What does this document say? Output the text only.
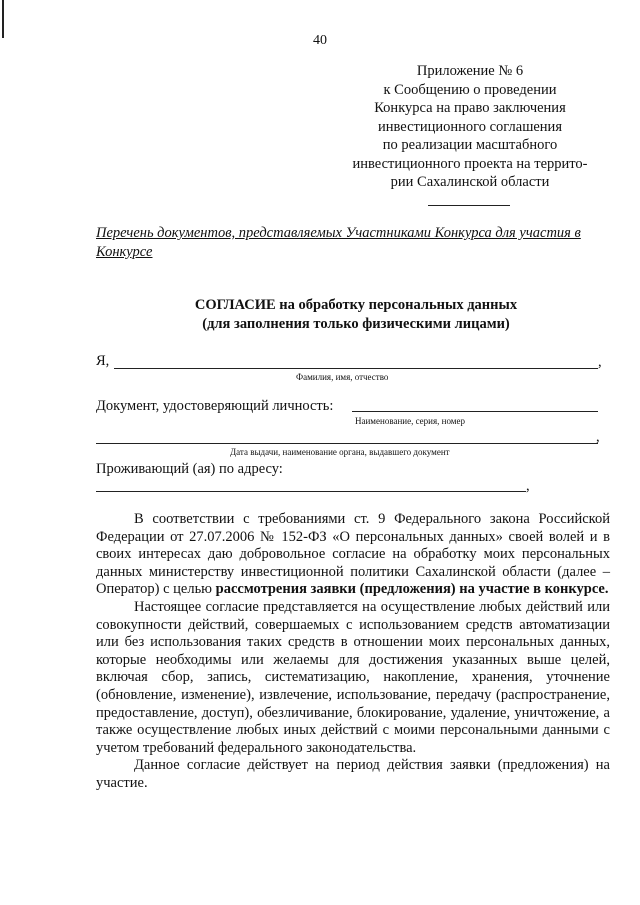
40
Приложение № 6
к Сообщению о проведении
Конкурса на право заключения
инвестиционного соглашения
по реализации масштабного
инвестиционного проекта на террито-
рии Сахалинской области
Перечень документов, представляемых Участниками Конкурса для участия в Конкурсе
СОГЛАСИЕ на обработку персональных данных
(для заполнения только физическими лицами)
Я,	,
Фамилия, имя, отчество
Документ, удостоверяющий личность:
Наименование, серия, номер
,
Дата выдачи, наименование органа, выдавшего документ
Проживающий (ая) по адресу:
,

В соответствии с требованиями ст. 9 Федерального закона Российской Федерации от 27.07.2006 № 152-ФЗ «О персональных данных» своей волей и в своих интересах даю добровольное согласие на обработку моих персональных данных министерству инвестиционной политики Сахалинской области (далее – Оператор) с целью рассмотрения заявки (предложения) на участие в конкурсе.

Настоящее согласие представляется на осуществление любых действий или совокупности действий, совершаемых с использованием средств автоматизации или без использования таких средств в отношении моих персональных данных, которые необходимы или желаемы для достижения указанных выше целей, включая сбор, запись, систематизацию, накопление, хранения, уточнение (обновление, изменение), извлечение, использование, передачу (распространение, предоставление, доступ), обезличивание, блокирование, удаление, уничтожение, а также осуществление любых иных действий с моими персональными данными с учетом требований федерального законодательства.

Данное согласие действует на период действия заявки (предложения) на участие.
